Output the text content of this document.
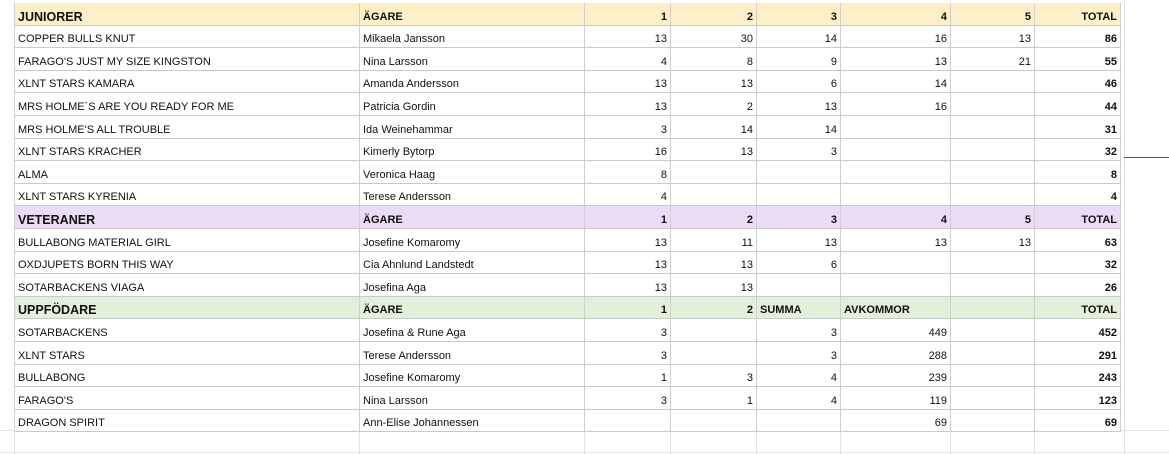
JUNIORER	ÄGARE	1	2	3	4	5	TOTAL
COPPER BULLS KNUT	Mikaela Jansson	13	30	14	16	13	86
FARAGO'S JUST MY SIZE KINGSTON	Nina Larsson	4	8	9	13	21	55
XLNT STARS KAMARA	Amanda Andersson	13	13	6	14		46
MRS HOLME´S ARE YOU READY FOR ME	Patricia Gordin	13	2	13	16		44
MRS HOLME'S ALL TROUBLE	Ida Weinehammar	3	14	14			31
XLNT STARS KRACHER	Kimerly Bytorp	16	13	3			32
ALMA	Veronica Haag	8					8
XLNT STARS KYRENIA	Terese Andersson	4					4
VETERANER	ÄGARE	1	2	3	4	5	TOTAL
BULLABONG MATERIAL GIRL	Josefine Komaromy	13	11	13	13	13	63
OXDJUPETS BORN THIS WAY	Cia Ahnlund Landstedt	13	13	6			32
SOTARBACKENS VIAGA	Josefina Aga	13	13				26
UPPFÖDARE	ÄGARE	1	2	SUMMA	AVKOMMOR		TOTAL
SOTARBACKENS	Josefina & Rune Aga	3		3	449		452
XLNT STARS	Terese Andersson	3		3	288		291
BULLABONG	Josefine Komaromy	1	3	4	239		243
FARAGO'S	Nina Larsson	3	1	4	119		123
DRAGON SPIRIT	Ann-Elise Johannessen				69		69
